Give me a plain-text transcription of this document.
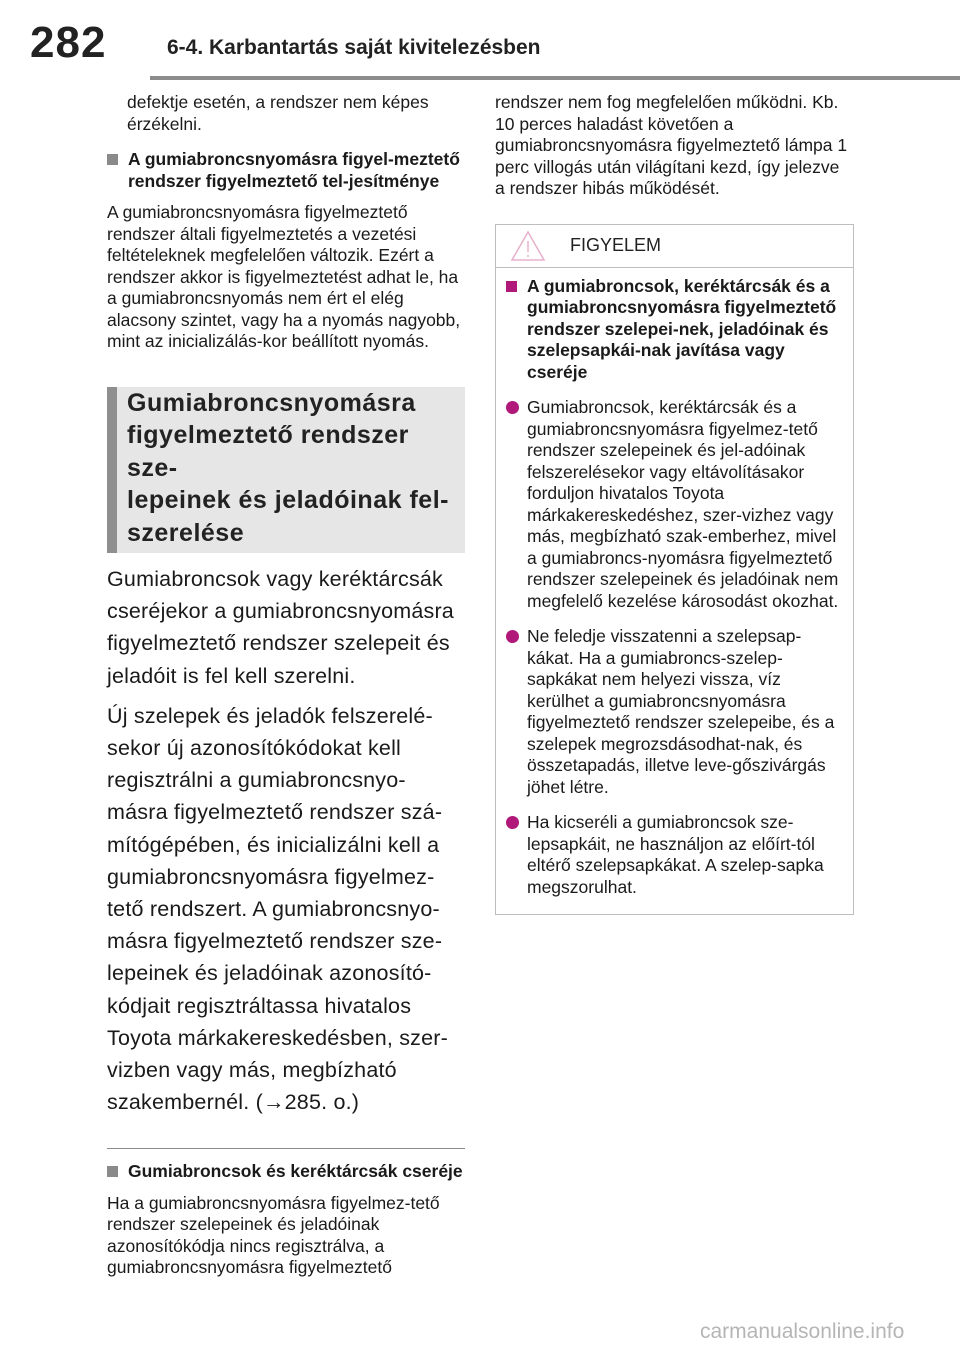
282	6-4. Karbantartás saját kivitelezésben

defektje esetén, a rendszer nem képes érzékelni.

A gumiabroncsnyomásra figyel-meztető rendszer figyelmeztető tel-jesítménye

A gumiabroncsnyomásra figyelmeztető rendszer általi figyelmeztetés a vezetési feltételeknek megfelelően változik. Ezért a rendszer akkor is figyelmeztetést adhat le, ha a gumiabroncsnyomás nem ért el elég alacsony szintet, vagy ha a nyomás nagyobb, mint az inicializálás-kor beállított nyomás.

Gumiabroncsnyomásra
figyelmeztető rendszer sze-
lepeinek és jeladóinak fel-
szerelése

Gumiabroncsok vagy keréktárcsák cseréjekor a gumiabroncsnyomásra figyelmeztető rendszer szelepeit és jeladóit is fel kell szerelni.

Új szelepek és jeladók felszerelé-sekor új azonosítókódokat kell regisztrálni a gumiabroncsnyo-másra figyelmeztető rendszer szá-mítógépében, és inicializálni kell a gumiabroncsnyomásra figyelmez-tető rendszert. A gumiabroncsnyo-másra figyelmeztető rendszer sze-lepeinek és jeladóinak azonosító-kódjait regisztráltassa hivatalos Toyota márkakereskedésben, szer-vizben vagy más, megbízható szakembernél. (→285. o.)

Gumiabroncsok és keréktárcsák cseréje

Ha a gumiabroncsnyomásra figyelmez-tető rendszer szelepeinek és jeladóinak azonosítókódja nincs regisztrálva, a gumiabroncsnyomásra figyelmeztető

rendszer nem fog megfelelően működni. Kb. 10 perces haladást követően a gumiabroncsnyomásra figyelmeztető lámpa 1 perc villogás után világítani kezd, így jelezve a rendszer hibás működését.

FIGYELEM
A gumiabroncsok, keréktárcsák és a gumiabroncsnyomásra figyelmeztető rendszer szelepei-nek, jeladóinak és szelepsapkái-nak javítása vagy cseréje
Gumiabroncsok, keréktárcsák és a gumiabroncsnyomásra figyelmez-tető rendszer szelepeinek és jel-adóinak felszerelésekor vagy eltávolításakor forduljon hivatalos Toyota márkakereskedéshez, szer-vizhez vagy más, megbízható szak-emberhez, mivel a gumiabroncs-nyomásra figyelmeztető rendszer szelepeinek és jeladóinak nem megfelelő kezelése károsodást okozhat.
Ne feledje visszatenni a szelepsap-kákat. Ha a gumiabroncs-szelep-sapkákat nem helyezi vissza, víz kerülhet a gumiabroncsnyomásra figyelmeztető rendszer szelepeibe, és a szelepek megrozsdásodhat-nak, és összetapadás, illetve leve-gőszivárgás jöhet létre.
Ha kicseréli a gumiabroncsok sze-lepsapkáit, ne használjon az előírt-tól eltérő szelepsapkákat. A szelep-sapka megszorulhat.
carmanualsonline.info
